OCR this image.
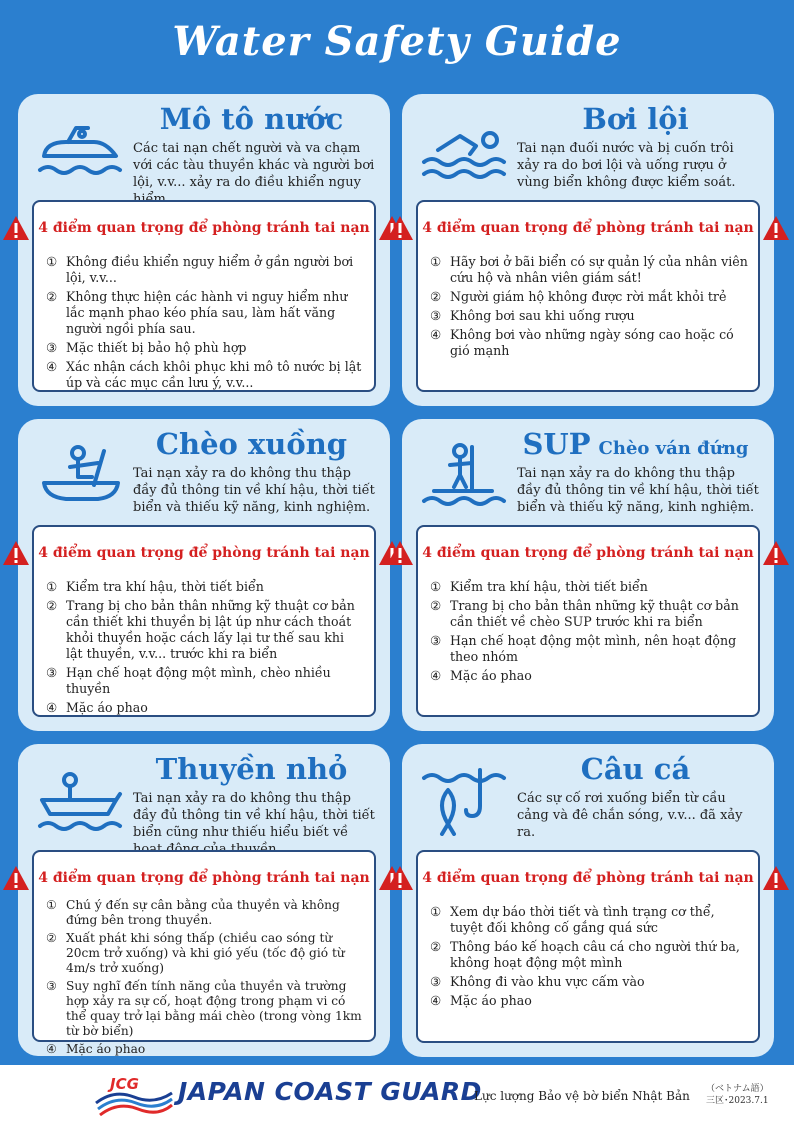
Water Safety Guide
Mô tô nước
Các tai nạn chết người và va chạm với các tàu thuyền khác và người bơi lội, v.v... xảy ra do điều khiển nguy
4 điểm quan trọng để phòng tránh tai nạn
① Không điều khiển nguy hiểm ở gần người bơi lội, v.v...
② Không thực hiện các hành vi nguy hiểm như lắc mạnh phao kéo phía sau, làm hất văng người ngồi phía sau.
③ Mặc thiết bị bảo hộ phù hợp
④ Xác nhận cách khôi phục khi mô tô nước bị lật úp và các mục cần lưu ý, v.v...
Bơi lội
Tai nạn đuối nước và bị cuốn trôi xảy ra do bơi lội và uống rượu ở vùng biển không được kiểm soát.
4 điểm quan trọng để phòng tránh tai nạn
① Hãy bơi ở bãi biển có sự quản lý của nhân viên cứu hộ và nhân viên giám sát!
② Người giám hộ không được rời mắt khỏi trẻ
③ Không bơi sau khi uống rượu
④ Không bơi vào những ngày sóng cao hoặc có gió mạnh
Chèo xuồng
Tai nạn xảy ra do không thu thập đầy đủ thông tin về khí hậu, thời tiết biển và thiếu kỹ năng, kinh nghiệm.
4 điểm quan trọng để phòng tránh tai nạn
① Kiểm tra khí hậu, thời tiết biển
② Trang bị cho bản thân những kỹ thuật cơ bản cần thiết khi thuyền bị lật úp như cách thoát khỏi thuyền hoặc cách lấy lại tư thế sau khi lật thuyền, v.v... trước khi ra biển
③ Hạn chế hoạt động một mình, chèo nhiều thuyền
④ Mặc áo phao
SUP Chèo ván đứng
Tai nạn xảy ra do không thu thập đầy đủ thông tin về khí hậu, thời tiết biển và thiếu kỹ năng, kinh nghiệm.
4 điểm quan trọng để phòng tránh tai nạn
① Kiểm tra khí hậu, thời tiết biển
② Trang bị cho bản thân những kỹ thuật cơ bản cần thiết về chèo SUP trước khi ra biển
③ Hạn chế hoạt động một mình, nên hoạt động theo nhóm
④ Mặc áo phao
Thuyền nhỏ
Tai nạn xảy ra do không thu thập đầy đủ thông tin về khí hậu, thời tiết biển cũng như thiếu hiểu biết về
4 điểm quan trọng để phòng tránh tai nạn
① Chú ý đến sự cân bằng của thuyền và không đứng bên trong thuyền.
② Xuất phát khi sóng thấp (chiều cao sóng từ 20cm trở xuống) và khi gió yếu (tốc độ gió từ 4m/s trở xuống)
③ Suy nghĩ đến tính năng của thuyền và trường hợp xảy ra sự cố, hoạt động trong phạm vi có thể quay trở lại bằng mái chèo (trong vòng 1km từ bờ biển)
④ Mặc áo phao
Câu cá
Các sự cố rơi xuống biển từ cầu cảng và đê chắn sóng, v.v... đã xảy ra.
4 điểm quan trọng để phòng tránh tai nạn
① Xem dự báo thời tiết và tình trạng cơ thể, tuyệt đối không cố gắng quá sức
② Thông báo kế hoạch câu cá cho người thứ ba, không hoạt động một mình
③ Không đi vào khu vực cấm vào
④ Mặc áo phao
JCG JAPAN COAST GUARD
Lực lượng Bảo vệ bờ biển Nhật Bản （ベトナム語）
三区･2023.7.1
